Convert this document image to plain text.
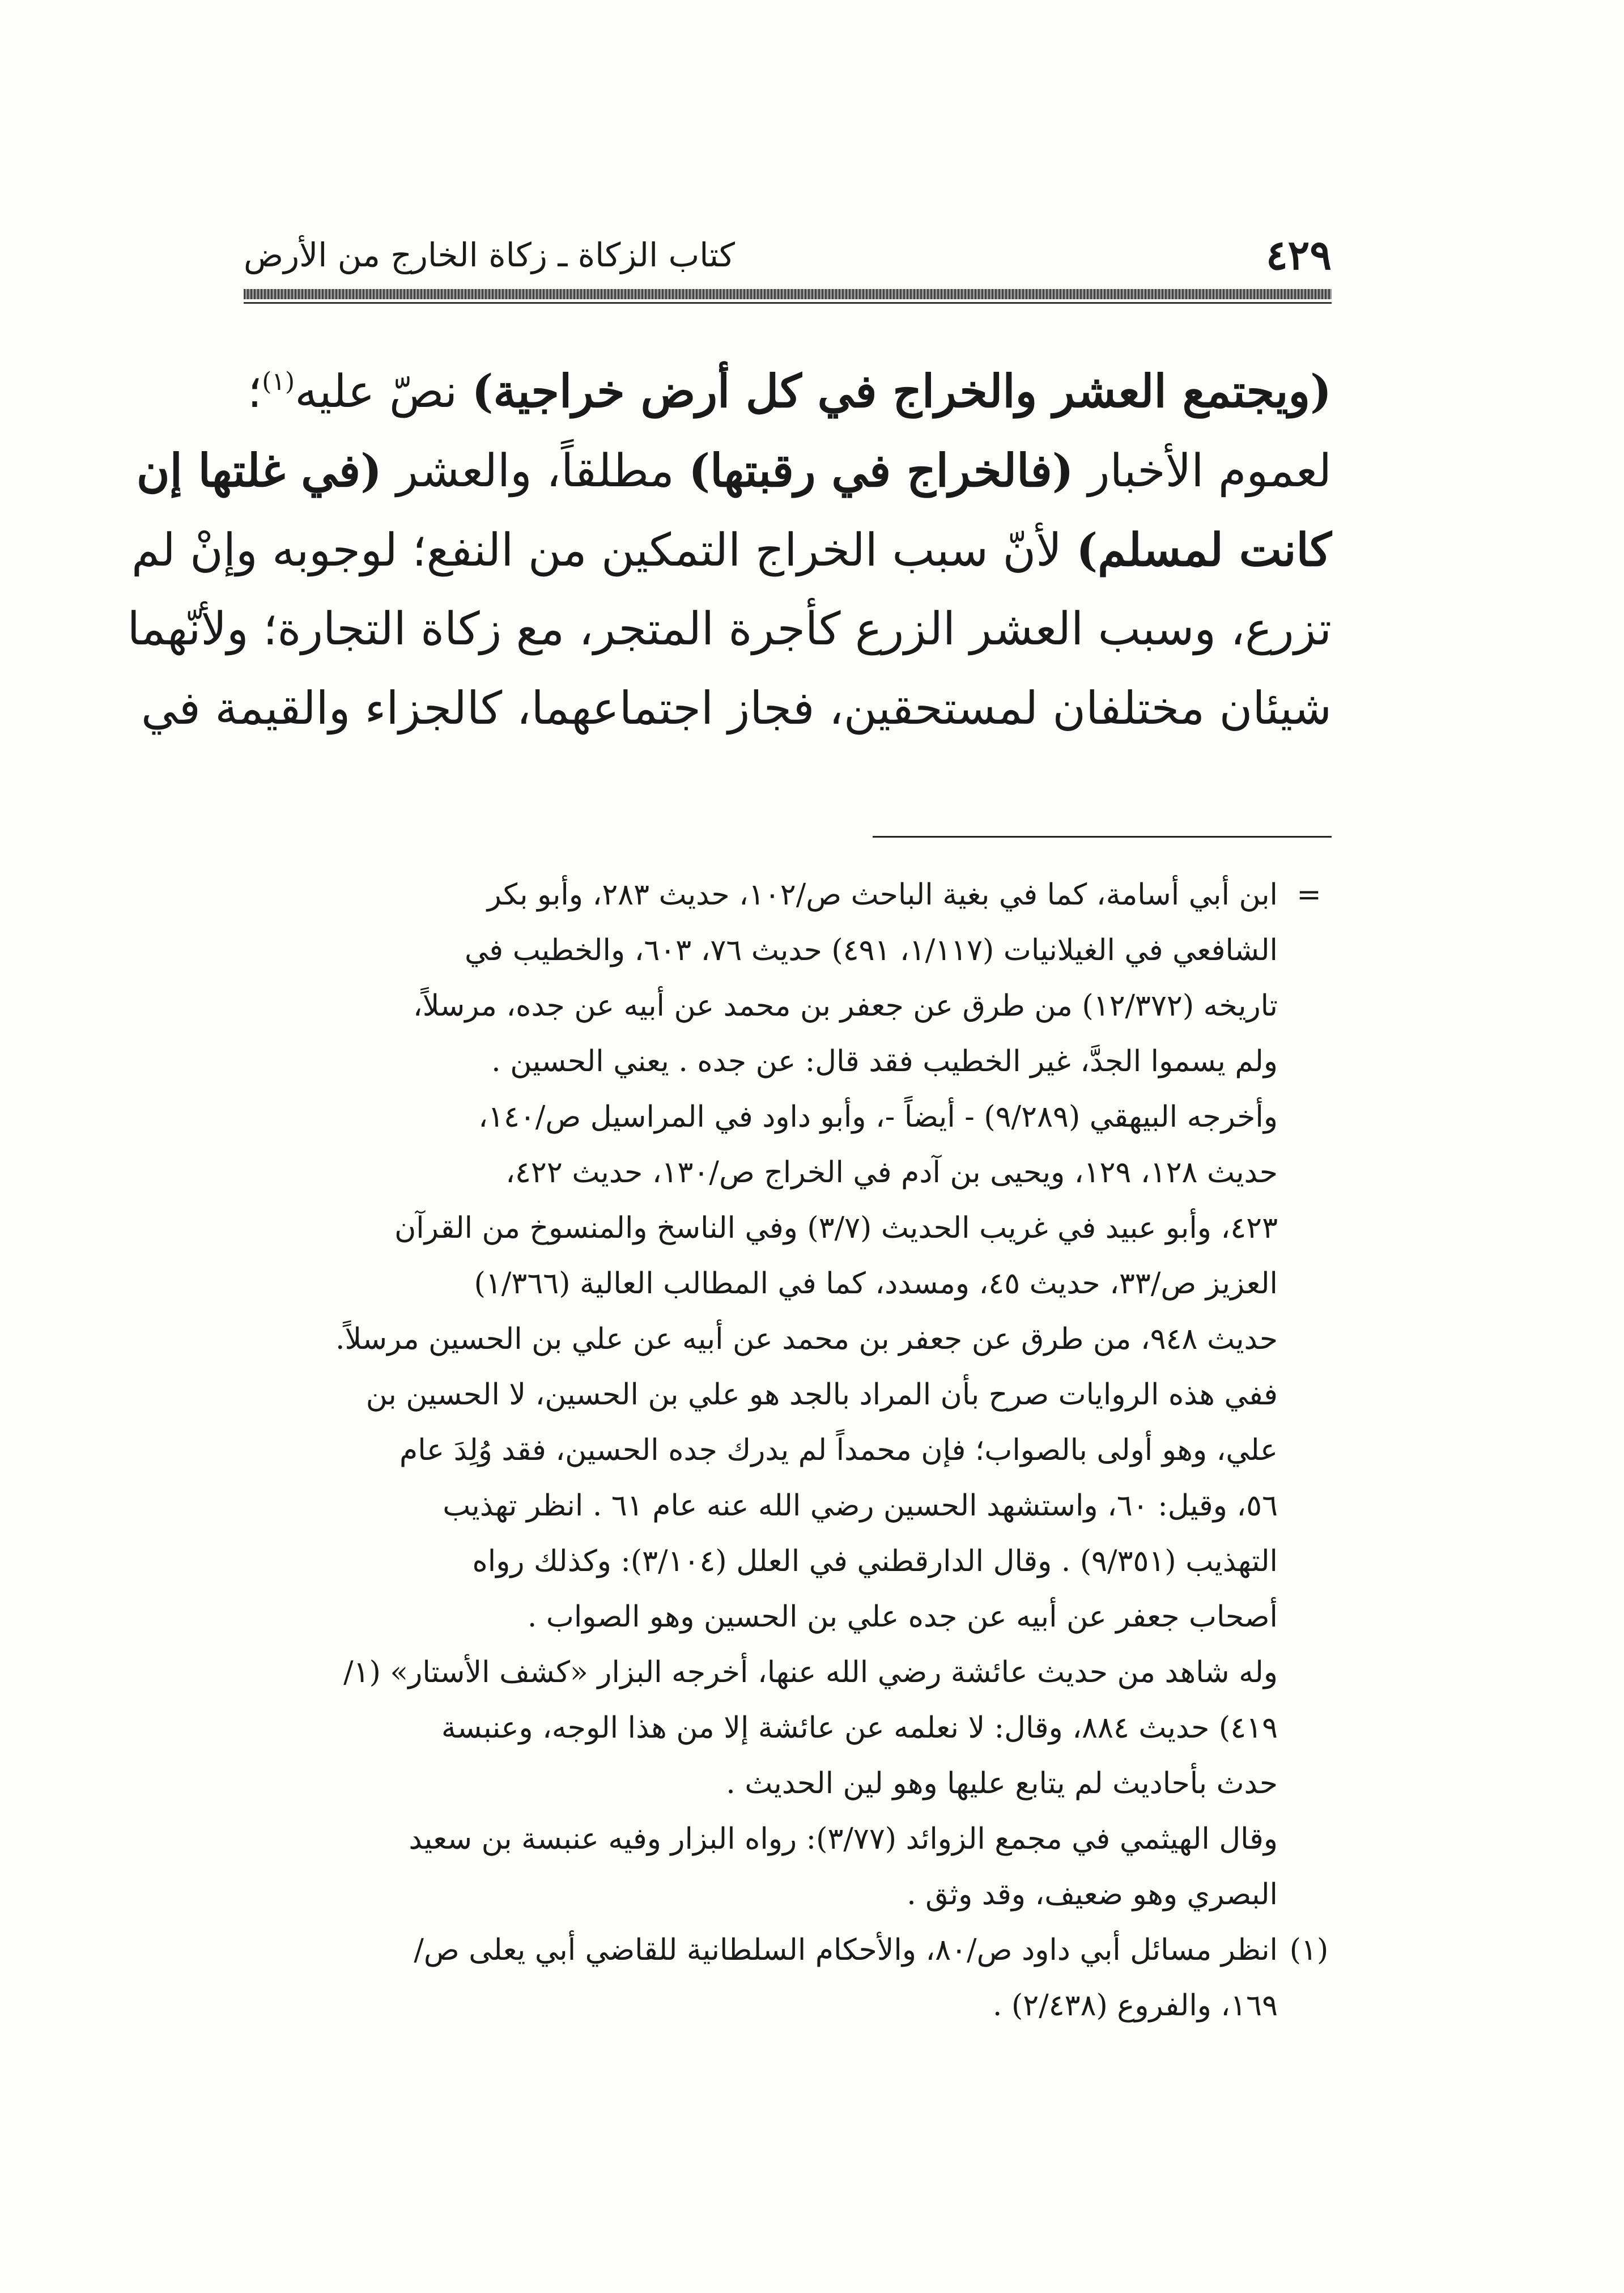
٤٢٩
كتاب الزكاة ـ زكاة الخارج من الأرض
(ويجتمع العشر والخراج في كل أرض خراجية) نصّ عليه$^{(١)}$؛
لعموم الأخبار (فالخراج في رقبتها) مطلقاً، والعشر (في غلتها إن
كانت لمسلم) لأنّ سبب الخراج التمكين من النفع؛ لوجوبه وإنْ لم
تزرع، وسبب العشر الزرع كأجرة المتجر، مع زكاة التجارة؛ ولأنّهما
شيئان مختلفان لمستحقين، فجاز اجتماعهما، كالجزاء والقيمة في
=
ابن أبي أسامة، كما في بغية الباحث ص/١٠٢، حديث ٢٨٣، وأبو بكر
الشافعي في الغيلانيات (١/١١٧، ٤٩١) حديث ٧٦، ٦٠٣، والخطيب في
تاريخه (١٢/٣٧٢) من طرق عن جعفر بن محمد عن أبيه عن جده، مرسلاً،
ولم يسموا الجدَّ، غير الخطيب فقد قال: عن جده . يعني الحسين .
وأخرجه البيهقي (٩/٢٨٩) - أيضاً -، وأبو داود في المراسيل ص/١٤٠،
حديث ١٢٨، ١٢٩، ويحيى بن آدم في الخراج ص/١٣٠، حديث ٤٢٢،
٤٢٣، وأبو عبيد في غريب الحديث (٣/٧) وفي الناسخ والمنسوخ من القرآن
العزيز ص/٣٣، حديث ٤٥، ومسدد، كما في المطالب العالية (١/٣٦٦)
حديث ٩٤٨، من طرق عن جعفر بن محمد عن أبيه عن علي بن الحسين مرسلاً.
ففي هذه الروايات صرح بأن المراد بالجد هو علي بن الحسين، لا الحسين بن
علي، وهو أولى بالصواب؛ فإن محمداً لم يدرك جده الحسين، فقد وُلِدَ عام
٥٦، وقيل: ٦٠، واستشهد الحسين رضي الله عنه عام ٦١ . انظر تهذيب
التهذيب (٩/٣٥١) . وقال الدارقطني في العلل (٣/١٠٤): وكذلك رواه
أصحاب جعفر عن أبيه عن جده علي بن الحسين وهو الصواب .
وله شاهد من حديث عائشة رضي الله عنها، أخرجه البزار «كشف الأستار» (١/
٤١٩) حديث ٨٨٤، وقال: لا نعلمه عن عائشة إلا من هذا الوجه، وعنبسة
حدث بأحاديث لم يتابع عليها وهو لين الحديث .
وقال الهيثمي في مجمع الزوائد (٣/٧٧): رواه البزار وفيه عنبسة بن سعيد
البصري وهو ضعيف، وقد وثق .
(١)
انظر مسائل أبي داود ص/٨٠، والأحكام السلطانية للقاضي أبي يعلى ص/
١٦٩، والفروع (٢/٤٣٨) .
